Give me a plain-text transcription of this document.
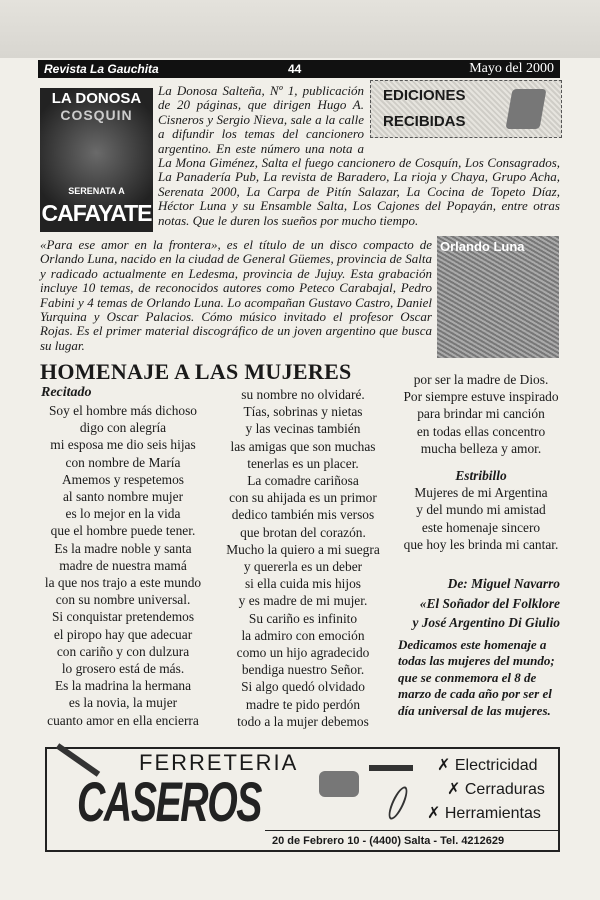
Revista La Gauchita	44	Mayo del 2000
LA DONOSA
COSQUIN
SERENATA A
CAFAYATE
EDICIONES
RECIBIDAS
La Donosa Salteña, Nº 1, publicación de 20 páginas, que dirigen Hugo A. Cisneros y Sergio Nieva, sale a la calle a difundir los temas del cancionero argentino. En este número una nota a La Mona Giménez, Salta el fuego cancionero de Cosquín, Los Consagrados, La Panadería Pub, La revista de Baradero, La rioja y Chaya, Grupo Acha, Serenata 2000, La Carpa de Pitín Salazar, La Cocina de Topeto Díaz, Héctor Luna y su Ensamble Salta, Los Cajones del Popayán, entre otras notas. Que le duren los sueños por mucho tiempo.
«Para ese amor en la frontera», es el título de un disco compacto de Orlando Luna, nacido en la ciudad de General Güemes, provincia de Salta y radicado actualmente en Ledesma, provincia de Jujuy. Esta grabación incluye 10 temas, de reconocidos autores como Peteco Carabajal, Pedro Fabini y 4 temas de Orlando Luna. Lo acompañan Gustavo Castro, Daniel Yurquina y Oscar Palacios. Cómo músico invitado el profesor Oscar Rojas. Es el primer material discográfico de un joven argentino que busca su lugar.
Orlando Luna
HOMENAJE A LAS MUJERES
Recitado
Soy el hombre más dichoso
digo con alegría
mi esposa me dio seis hijas
con nombre de María
Amemos y respetemos
al santo nombre mujer
es lo mejor en la vida
que el hombre puede tener.
Es la madre noble y santa
madre de nuestra mamá
la que nos trajo a este mundo
con su nombre universal.
Si conquistar pretendemos
el piropo hay que adecuar
con cariño y con dulzura
lo grosero está de más.
Es la madrina la hermana
es la novia, la mujer
cuanto amor en ella encierra
su nombre no olvidaré.
Tías, sobrinas y nietas
y las vecinas también
las amigas que son muchas
tenerlas es un placer.
La comadre cariñosa
con su ahijada es un primor
dedico también mis versos
que brotan del corazón.
Mucho la quiero a mi suegra
y quererla es un deber
si ella cuida mis hijos
y es madre de mi mujer.
Su cariño es infinito
la admiro con emoción
como un hijo agradecido
bendiga nuestro Señor.
Si algo quedó olvidado
madre te pido perdón
todo a la mujer debemos
por ser la madre de Dios.
Por siempre estuve inspirado
para brindar mi canción
en todas ellas concentro
mucha belleza y amor.
Estribillo
Mujeres de mi Argentina
y del mundo mi amistad
este homenaje sincero
que hoy les brinda mi cantar.
De: Miguel Navarro
«El Soñador del Folklore
y José Argentino Di Giulio
Dedicamos este homenaje a todas las mujeres del mundo; que se conmemora el 8 de marzo de cada año por ser el día universal de las mujeres.
FERRETERIA
CASEROS
✗ Electricidad
✗ Cerraduras
✗ Herramientas
20 de Febrero 10 - (4400) Salta - Tel. 4212629
